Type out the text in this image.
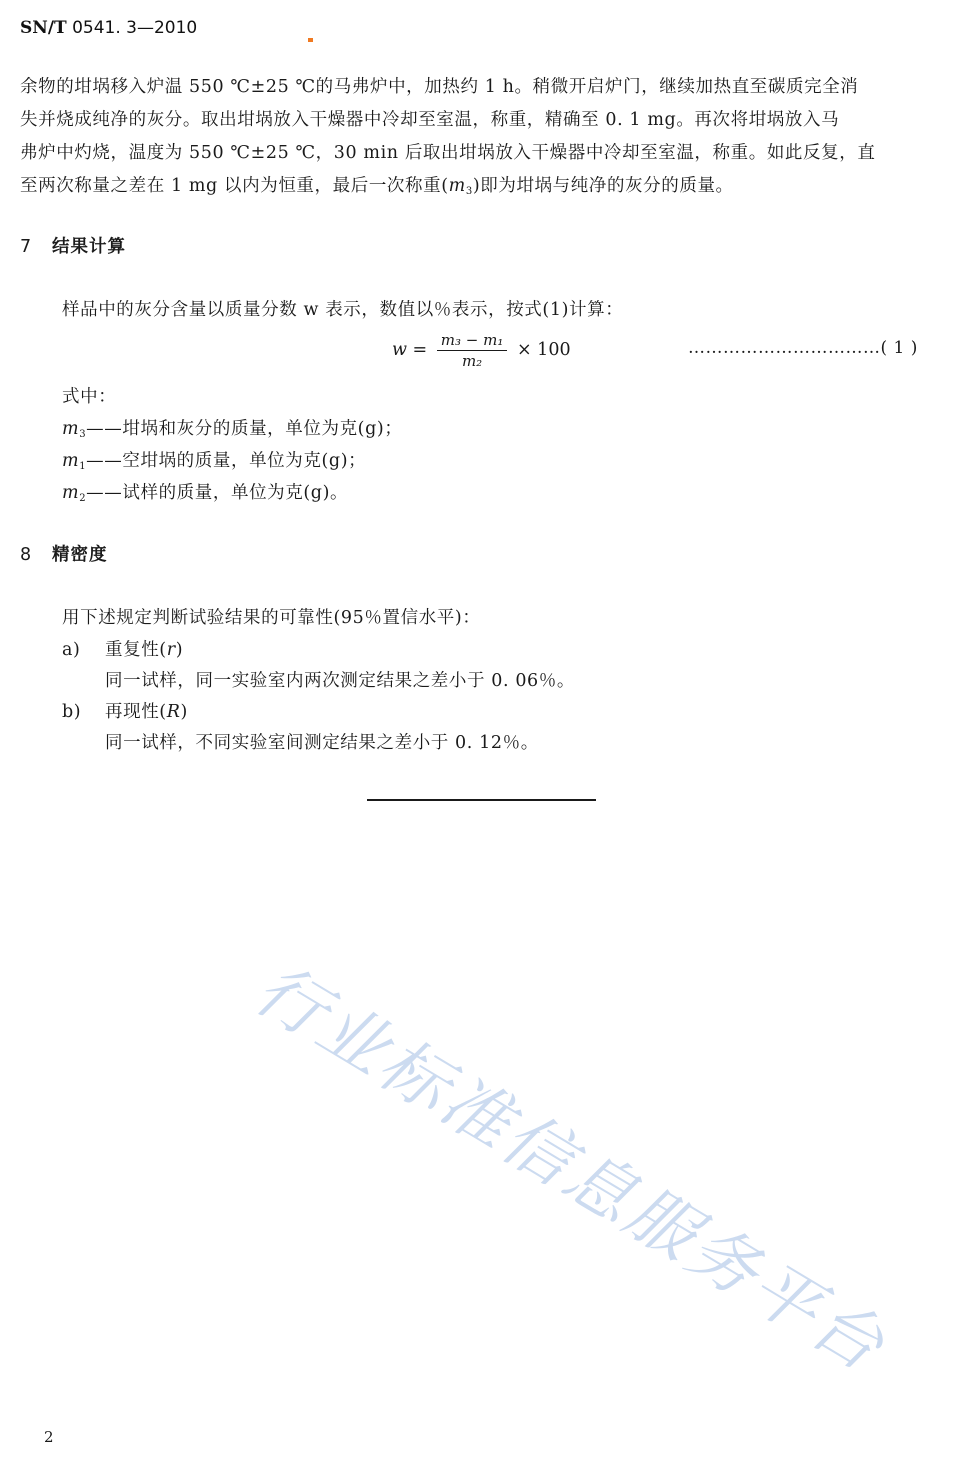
SN/T 0541. 3—2010
余物的坩埚移入炉温 550 ℃±25 ℃的马弗炉中，加热约 1 h。稍微开启炉门，继续加热直至碳质完全消
失并烧成纯净的灰分。取出坩埚放入干燥器中冷却至室温，称重，精确至 0. 1 mg。再次将坩埚放入马
弗炉中灼烧，温度为 550 ℃±25 ℃，30 min 后取出坩埚放入干燥器中冷却至室温，称重。如此反复，直
至两次称量之差在 1 mg 以内为恒重，最后一次称重$(m_3)$即为坩埚与纯净的灰分的质量。
7 结果计算
样品中的灰分含量以质量分数 w 表示，数值以％表示，按式(1)计算：
$w = \frac{\text{m₃ − m₁}}{\text{m₂}} \times 100$	……………………………( 1 )
式中：
$m_3——$坩埚和灰分的质量，单位为克(g)；
$m_1——$空坩埚的质量，单位为克(g)；
$m_2——$试样的质量，单位为克(g)。
8 精密度
用下述规定判断试验结果的可靠性(95％置信水平)：
a) 重复性(r)
同一试样，同一实验室内两次测定结果之差小于 0. 06％。
b) 再现性(R)
同一试样，不同实验室间测定结果之差小于 0. 12％。
行业标准信息服务平台
2
